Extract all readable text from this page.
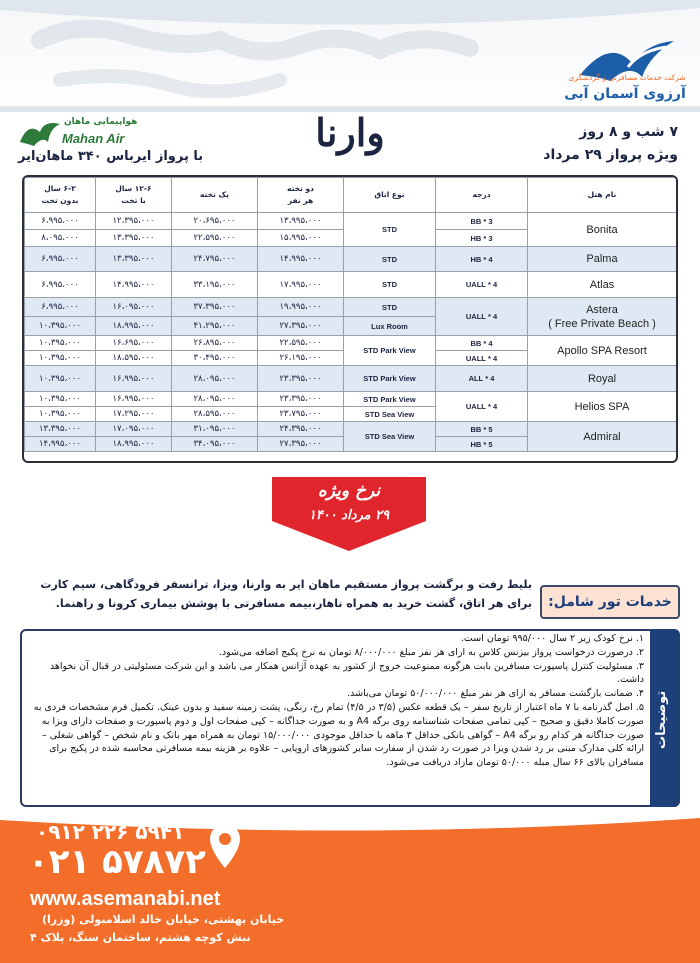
شرکت خدمات مسافرتی و گردشگری
آرزوی آسمان آبی
هواپیمایی ماهان
Mahan Air
با پرواز ایرباس ۳۴۰ ماهان‌ایر
وارنا	۷ شب و ۸ روز
ویژه پرواز ۲۹ مرداد
نام هتل	درجه	نوع اتاق	دو تخته
هر نفر	یک تخته	۱۲-۶ سال
با تخت	۶-۲ سال
بدون تخت
Bonita	3 * BB	STD	۱۳،۹۹۵،۰۰۰	۲۰،۶۹۵،۰۰۰	۱۲،۳۹۵،۰۰۰	۶،۹۹۵،۰۰۰
	3 * HB		۱۵،۹۹۵،۰۰۰	۲۲،۵۹۵،۰۰۰	۱۳،۳۹۵،۰۰۰	۸،۰۹۵،۰۰۰
Palma	4 * HB	STD	۱۴،۹۹۵،۰۰۰	۲۴،۷۹۵،۰۰۰	۱۳،۳۹۵،۰۰۰	۶،۹۹۵،۰۰۰
Atlas	4 * UALL	STD	۱۷،۹۹۵،۰۰۰	۳۳،۱۹۵،۰۰۰	۱۴،۹۹۵،۰۰۰	۶،۹۹۵،۰۰۰
Astera
( Free Private Beach )	4 * UALL	STD	۱۹،۹۹۵،۰۰۰	۳۷،۳۹۵،۰۰۰	۱۶،۰۹۵،۰۰۰	۶،۹۹۵،۰۰۰
		Lux Room	۲۷،۳۹۵،۰۰۰	۴۱،۲۹۵،۰۰۰	۱۸،۹۹۵،۰۰۰	۱۰،۳۹۵،۰۰۰
Apollo SPA Resort	4 * BB	STD Park View	۲۲،۵۹۵،۰۰۰	۲۶،۸۹۵،۰۰۰	۱۶،۶۹۵،۰۰۰	۱۰،۳۹۵،۰۰۰
	4 * UALL		۲۶،۱۹۵،۰۰۰	۳۰،۴۹۵،۰۰۰	۱۸،۵۹۵،۰۰۰	۱۰،۳۹۵،۰۰۰
Royal	4 * ALL	STD Park View	۲۳،۳۹۵،۰۰۰	۲۸،۰۹۵،۰۰۰	۱۶،۹۹۵،۰۰۰	۱۰،۳۹۵،۰۰۰
Helios SPA	4 * UALL	STD Park View	۲۳،۳۹۵،۰۰۰	۲۸،۰۹۵،۰۰۰	۱۶،۹۹۵،۰۰۰	۱۰،۳۹۵،۰۰۰
		STD Sea View	۲۳،۷۹۵،۰۰۰	۲۸،۵۹۵،۰۰۰	۱۷،۲۹۵،۰۰۰	۱۰،۳۹۵،۰۰۰
Admiral	5 * BB	STD Sea View	۲۴،۳۹۵،۰۰۰	۳۱،۰۹۵،۰۰۰	۱۷،۰۹۵،۰۰۰	۱۳،۳۹۵،۰۰۰
	5 * HB		۲۷،۳۹۵،۰۰۰	۳۴،۰۹۵،۰۰۰	۱۸،۹۹۵،۰۰۰	۱۴،۹۹۵،۰۰۰
نرخ ویژه
۲۹ مرداد ۱۴۰۰
خدمات تور شامل:
بلیط رفت و برگشت پرواز مستقیم ماهان ایر به وارنا، ویزا، ترانسفر فرودگاهی، سیم کارت برای هر اتاق، گشت خرید به همراه ناهار،بیمه مسافرتی با پوشش بیماری کرونا و راهنما.
توضیحات
۱. نرخ کودک زیر ۲ سال ۹۹۵/۰۰۰ تومان است.
۲. درصورت درخواست پرواز بیزنس کلاس به ازای هر نفر مبلغ ۸/۰۰۰/۰۰۰ تومان به نرخ پکیج اضافه می‌شود.
۳. مسئولیت کنترل پاسپورت مسافرین بابت هرگونه ممنوعیت خروج از کشور به عهده آژانس همکار می باشد و این شرکت مسئولیتی در قبال آن نخواهد داشت.
۴. ضمانت بازگشت مسافر به ازای هر نفر مبلغ ۵۰/۰۰۰/۰۰۰ تومان می‌باشد.
۵. اصل گذرنامه با ۷ ماه اعتبار از تاریخ سفر – یک قطعه عکس (۳/۵ در ۴/۵) تمام رخ، رنگی، پشت زمینه سفید و بدون عینک. تکمیل فرم مشخصات فردی به صورت کاملا دقیق و صحیح – کپی تمامی صفحات شناسنامه روی برگه A4 و به صورت جداگانه – کپی صفحات اول و دوم پاسپورت و صفحات دارای ویزا به صورت جداگانه هر کدام رو برگه A4 – گواهی بانکی حداقل ۳ ماهه با حداقل موجودی ۱۵/۰۰۰/۰۰۰ تومان به همراه مهر بانک و نام شخص – گواهی شغلی – ارائه کلی مدارک مبنی بر رد شدن ویزا در صورت رد شدن از سفارت سایر کشورهای اروپایی – علاوه بر هزینه بیمه مسافرتی محاسبه شده در پکیج برای مسافران بالای ۶۶ سال مبله ۵۰/۰۰۰ تومان مازاد دریافت می‌شود.
۰۹۱۲ ۲۲۶ ۵۹۴۱
۰۲۱ ۵۷۸۷۲
www.asemanabi.net
خیابان بهشتی، خیابان خالد اسلامبولی (وزرا)
نبش کوچه هشتم، ساختمان سنگ، پلاک ۴
